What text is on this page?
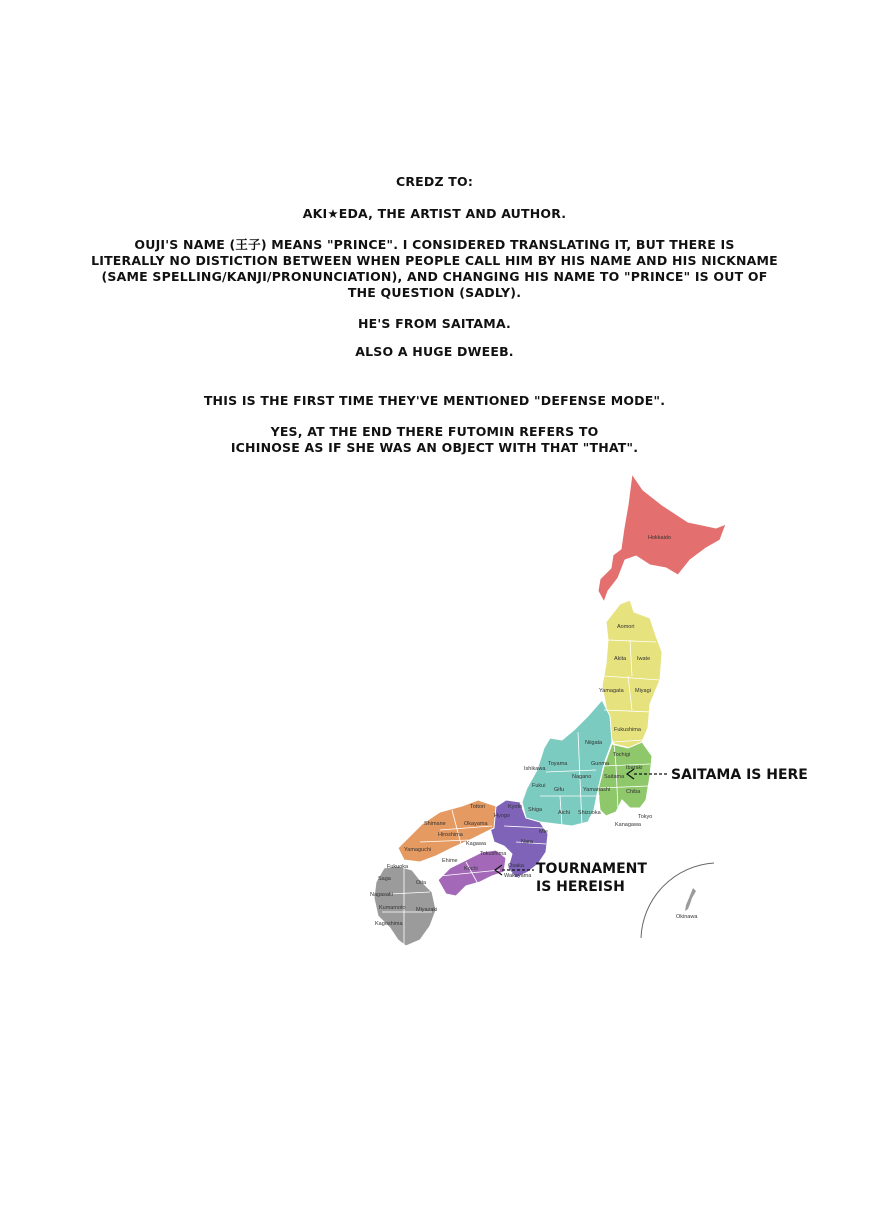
CREDZ TO:

AKI★EDA, THE ARTIST AND AUTHOR.

OUJI'S NAME (王子) MEANS "PRINCE". I CONSIDERED TRANSLATING IT, BUT THERE IS
LITERALLY NO DISTICTION BETWEEN WHEN PEOPLE CALL HIM BY HIS NAME AND HIS NICKNAME
(SAME SPELLING/KANJI/PRONUNCIATION), AND CHANGING HIS NAME TO "PRINCE" IS OUT OF
THE QUESTION (SADLY).

HE'S FROM SAITAMA.

ALSO A HUGE DWEEB.

THIS IS THE FIRST TIME THEY'VE MENTIONED "DEFENSE MODE".

YES, AT THE END THERE FUTOMIN REFERS TO
ICHINOSE AS IF SHE WAS AN OBJECT WITH THAT "THAT".

Hokkaido
Aomori
Akita Iwate
Yamagata Miyagi
Fukushima
Niigata
Tochigi
Gunma
Ibaraki
Saitama
Chiba
Tokyo
Kanagawa
Toyama
Ishikawa
Fukui
Nagano
Gifu	Yamanashi
Shizuoka
Aichi
Kyoto Shiga
Hyogo
Nara
Mie
Osaka
Wakayama
Tottori
Shimane	Okayama
Hiroshima
Yamaguchi
Kagawa
Tokushima
Ehime
Kochi
Fukuoka
Saga
Nagasaki
Oita
Kumamoto Miyazaki
Kagoshima
Okinawa
SAITAMA IS HERE
TOURNAMENT
IS HEREISH
